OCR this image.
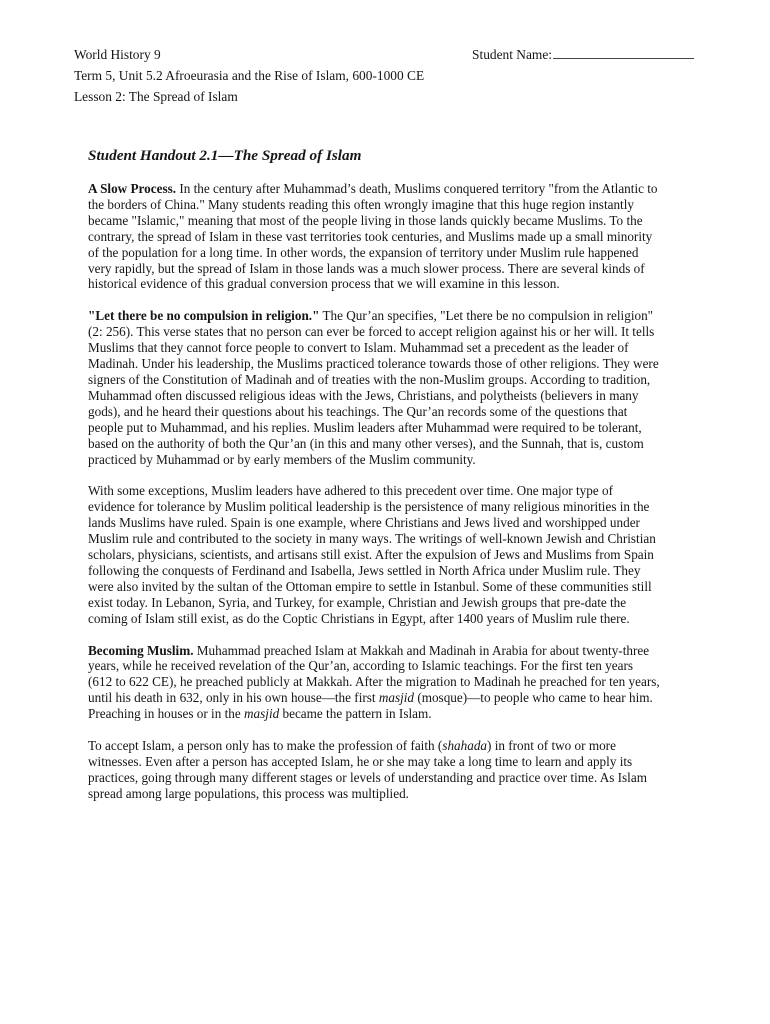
World History 9	Student Name:
Term 5, Unit 5.2 Afroeurasia and the Rise of Islam, 600-1000 CE
Lesson 2: The Spread of Islam
Student Handout 2.1—The Spread of Islam

A Slow Process. In the century after Muhammad’s death, Muslims conquered territory "from the Atlantic to the borders of China." Many students reading this often wrongly imagine that this huge region instantly became "Islamic," meaning that most of the people living in those lands quickly became Muslims. To the contrary, the spread of Islam in these vast territories took centuries, and Muslims made up a small minority of the population for a long time. In other words, the expansion of territory under Muslim rule happened very rapidly, but the spread of Islam in those lands was a much slower process. There are several kinds of historical evidence of this gradual conversion process that we will examine in this lesson.

"Let there be no compulsion in religion." The Qur’an specifies, "Let there be no compulsion in religion" (2: 256). This verse states that no person can ever be forced to accept religion against his or her will. It tells Muslims that they cannot force people to convert to Islam. Muhammad set a precedent as the leader of Madinah. Under his leadership, the Muslims practiced tolerance towards those of other religions. They were signers of the Constitution of Madinah and of treaties with the non-Muslim groups. According to tradition, Muhammad often discussed religious ideas with the Jews, Christians, and polytheists (believers in many gods), and he heard their questions about his teachings. The Qur’an records some of the questions that people put to Muhammad, and his replies. Muslim leaders after Muhammad were required to be tolerant, based on the authority of both the Qur’an (in this and many other verses), and the Sunnah, that is, custom practiced by Muhammad or by early members of the Muslim community.

With some exceptions, Muslim leaders have adhered to this precedent over time. One major type of evidence for tolerance by Muslim political leadership is the persistence of many religious minorities in the lands Muslims have ruled. Spain is one example, where Christians and Jews lived and worshipped under Muslim rule and contributed to the society in many ways. The writings of well-known Jewish and Christian scholars, physicians, scientists, and artisans still exist. After the expulsion of Jews and Muslims from Spain following the conquests of Ferdinand and Isabella, Jews settled in North Africa under Muslim rule. They were also invited by the sultan of the Ottoman empire to settle in Istanbul. Some of these communities still exist today. In Lebanon, Syria, and Turkey, for example, Christian and Jewish groups that pre-date the coming of Islam still exist, as do the Coptic Christians in Egypt, after 1400 years of Muslim rule there.

Becoming Muslim. Muhammad preached Islam at Makkah and Madinah in Arabia for about twenty-three years, while he received revelation of the Qur’an, according to Islamic teachings. For the first ten years (612 to 622 CE), he preached publicly at Makkah. After the migration to Madinah he preached for ten years, until his death in 632, only in his own house—the first masjid (mosque)—to people who came to hear him. Preaching in houses or in the masjid became the pattern in Islam.

To accept Islam, a person only has to make the profession of faith (shahada) in front of two or more witnesses. Even after a person has accepted Islam, he or she may take a long time to learn and apply its practices, going through many different stages or levels of understanding and practice over time. As Islam spread among large populations, this process was multiplied.
